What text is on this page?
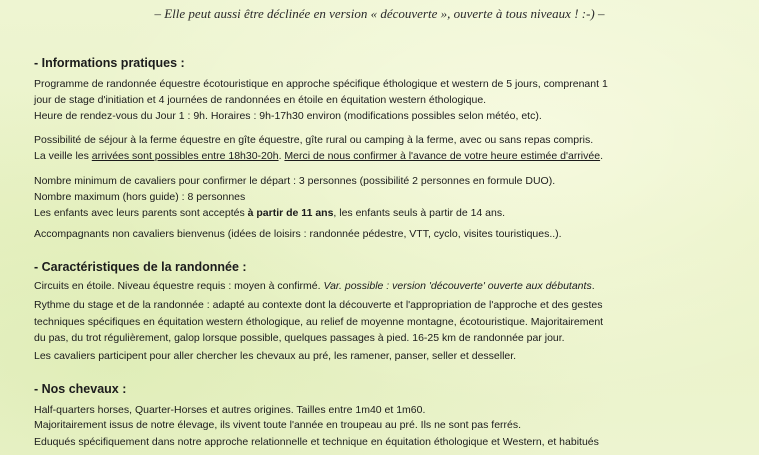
– Elle peut aussi être déclinée en version « découverte », ouverte à tous niveaux ! :-) –
- Informations pratiques :
Programme de randonnée équestre écotouristique en approche spécifique éthologique et western de 5 jours, comprenant 1
jour de stage d'initiation et 4 journées de randonnées en étoile en équitation western éthologique.
Heure de rendez-vous du Jour 1 : 9h. Horaires : 9h-17h30 environ (modifications possibles selon météo, etc).
Possibilité de séjour à la ferme équestre en gîte équestre, gîte rural ou camping à la ferme, avec ou sans repas compris.
La veille les arrivées sont possibles entre 18h30-20h. Merci de nous confirmer à l'avance de votre heure estimée d'arrivée.
Nombre minimum de cavaliers pour confirmer le départ : 3 personnes (possibilité 2 personnes en formule DUO).
Nombre maximum (hors guide) : 8 personnes
Les enfants avec leurs parents sont acceptés à partir de 11 ans, les enfants seuls à partir de 14 ans.
Accompagnants non cavaliers bienvenus (idées de loisirs : randonnée pédestre, VTT, cyclo, visites touristiques..).
- Caractéristiques de la randonnée :
Circuits en étoile. Niveau équestre requis : moyen à confirmé. Var. possible : version 'découverte' ouverte aux débutants.
Rythme du stage et de la randonnée : adapté au contexte dont la découverte et l'appropriation de l'approche et des gestes
techniques spécifiques en équitation western éthologique, au relief de moyenne montagne, écotouristique. Majoritairement
du pas, du trot régulièrement, galop lorsque possible, quelques passages à pied. 16-25 km de randonnée par jour.
Les cavaliers participent pour aller chercher les chevaux au pré, les ramener, panser, seller et desseller.
- Nos chevaux :
Half-quarters horses, Quarter-Horses et autres origines. Tailles entre 1m40 et 1m60.
Majoritairement issus de notre élevage, ils vivent toute l'année en troupeau au pré. Ils ne sont pas ferrés.
Eduqués spécifiquement dans notre approche relationnelle et technique en équitation éthologique et Western, et habitués
